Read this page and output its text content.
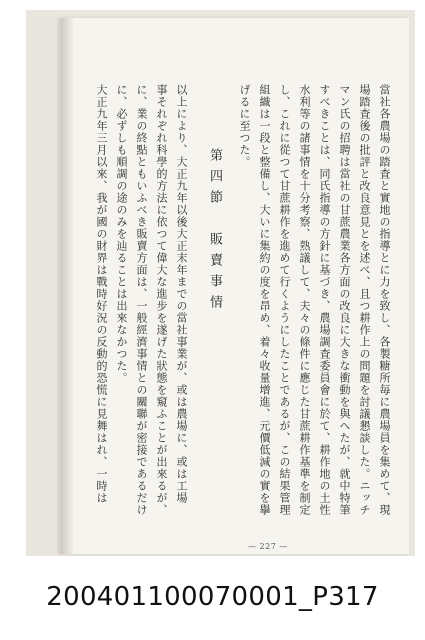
當社各農場の踏査と實地の指導とに力を致し、各製糖所毎に農場員を集めて、現
場踏査後の批評と改良意見とを述べ、且つ耕作上の問題を討議懇談した。ニッチ
マン氏の招聘は當社の甘蔗農業各方面の改良に大きな衝動を與へたが、就中特筆
すべきことは、同氏指導の方針に基づき、農場調査委員會に於て、耕作地の土性
水利等の諸事情を十分考察、熟議して、夫々の條件に應じた甘蔗耕作基準を制定
し、これに從つて甘蔗耕作を進めて行くようにしたことであるが、この結果管理
組織は一段と整備し、大いに集約の度を昂め、着々收量增進、元價低減の實を擧
げるに至つた。
第四節　販賣事情
以上により、大正九年以後大正末年までの當社事業が、或は農場に、或は工場
事それぞれ科學的方法に依つて偉大な進步を遂げた狀態を窺ふことが出來るが、
に、業の終點ともいふべき販賣方面は、一般經濟事情との關聯が密接であるだけ
に、必ずしも順調の途のみを辿ることは出來なかつた。
大正九年三月以來、我が國の財界は戰時好況の反動的恐慌に見舞はれ、一時は
— 227 —
200401100070001_P317
